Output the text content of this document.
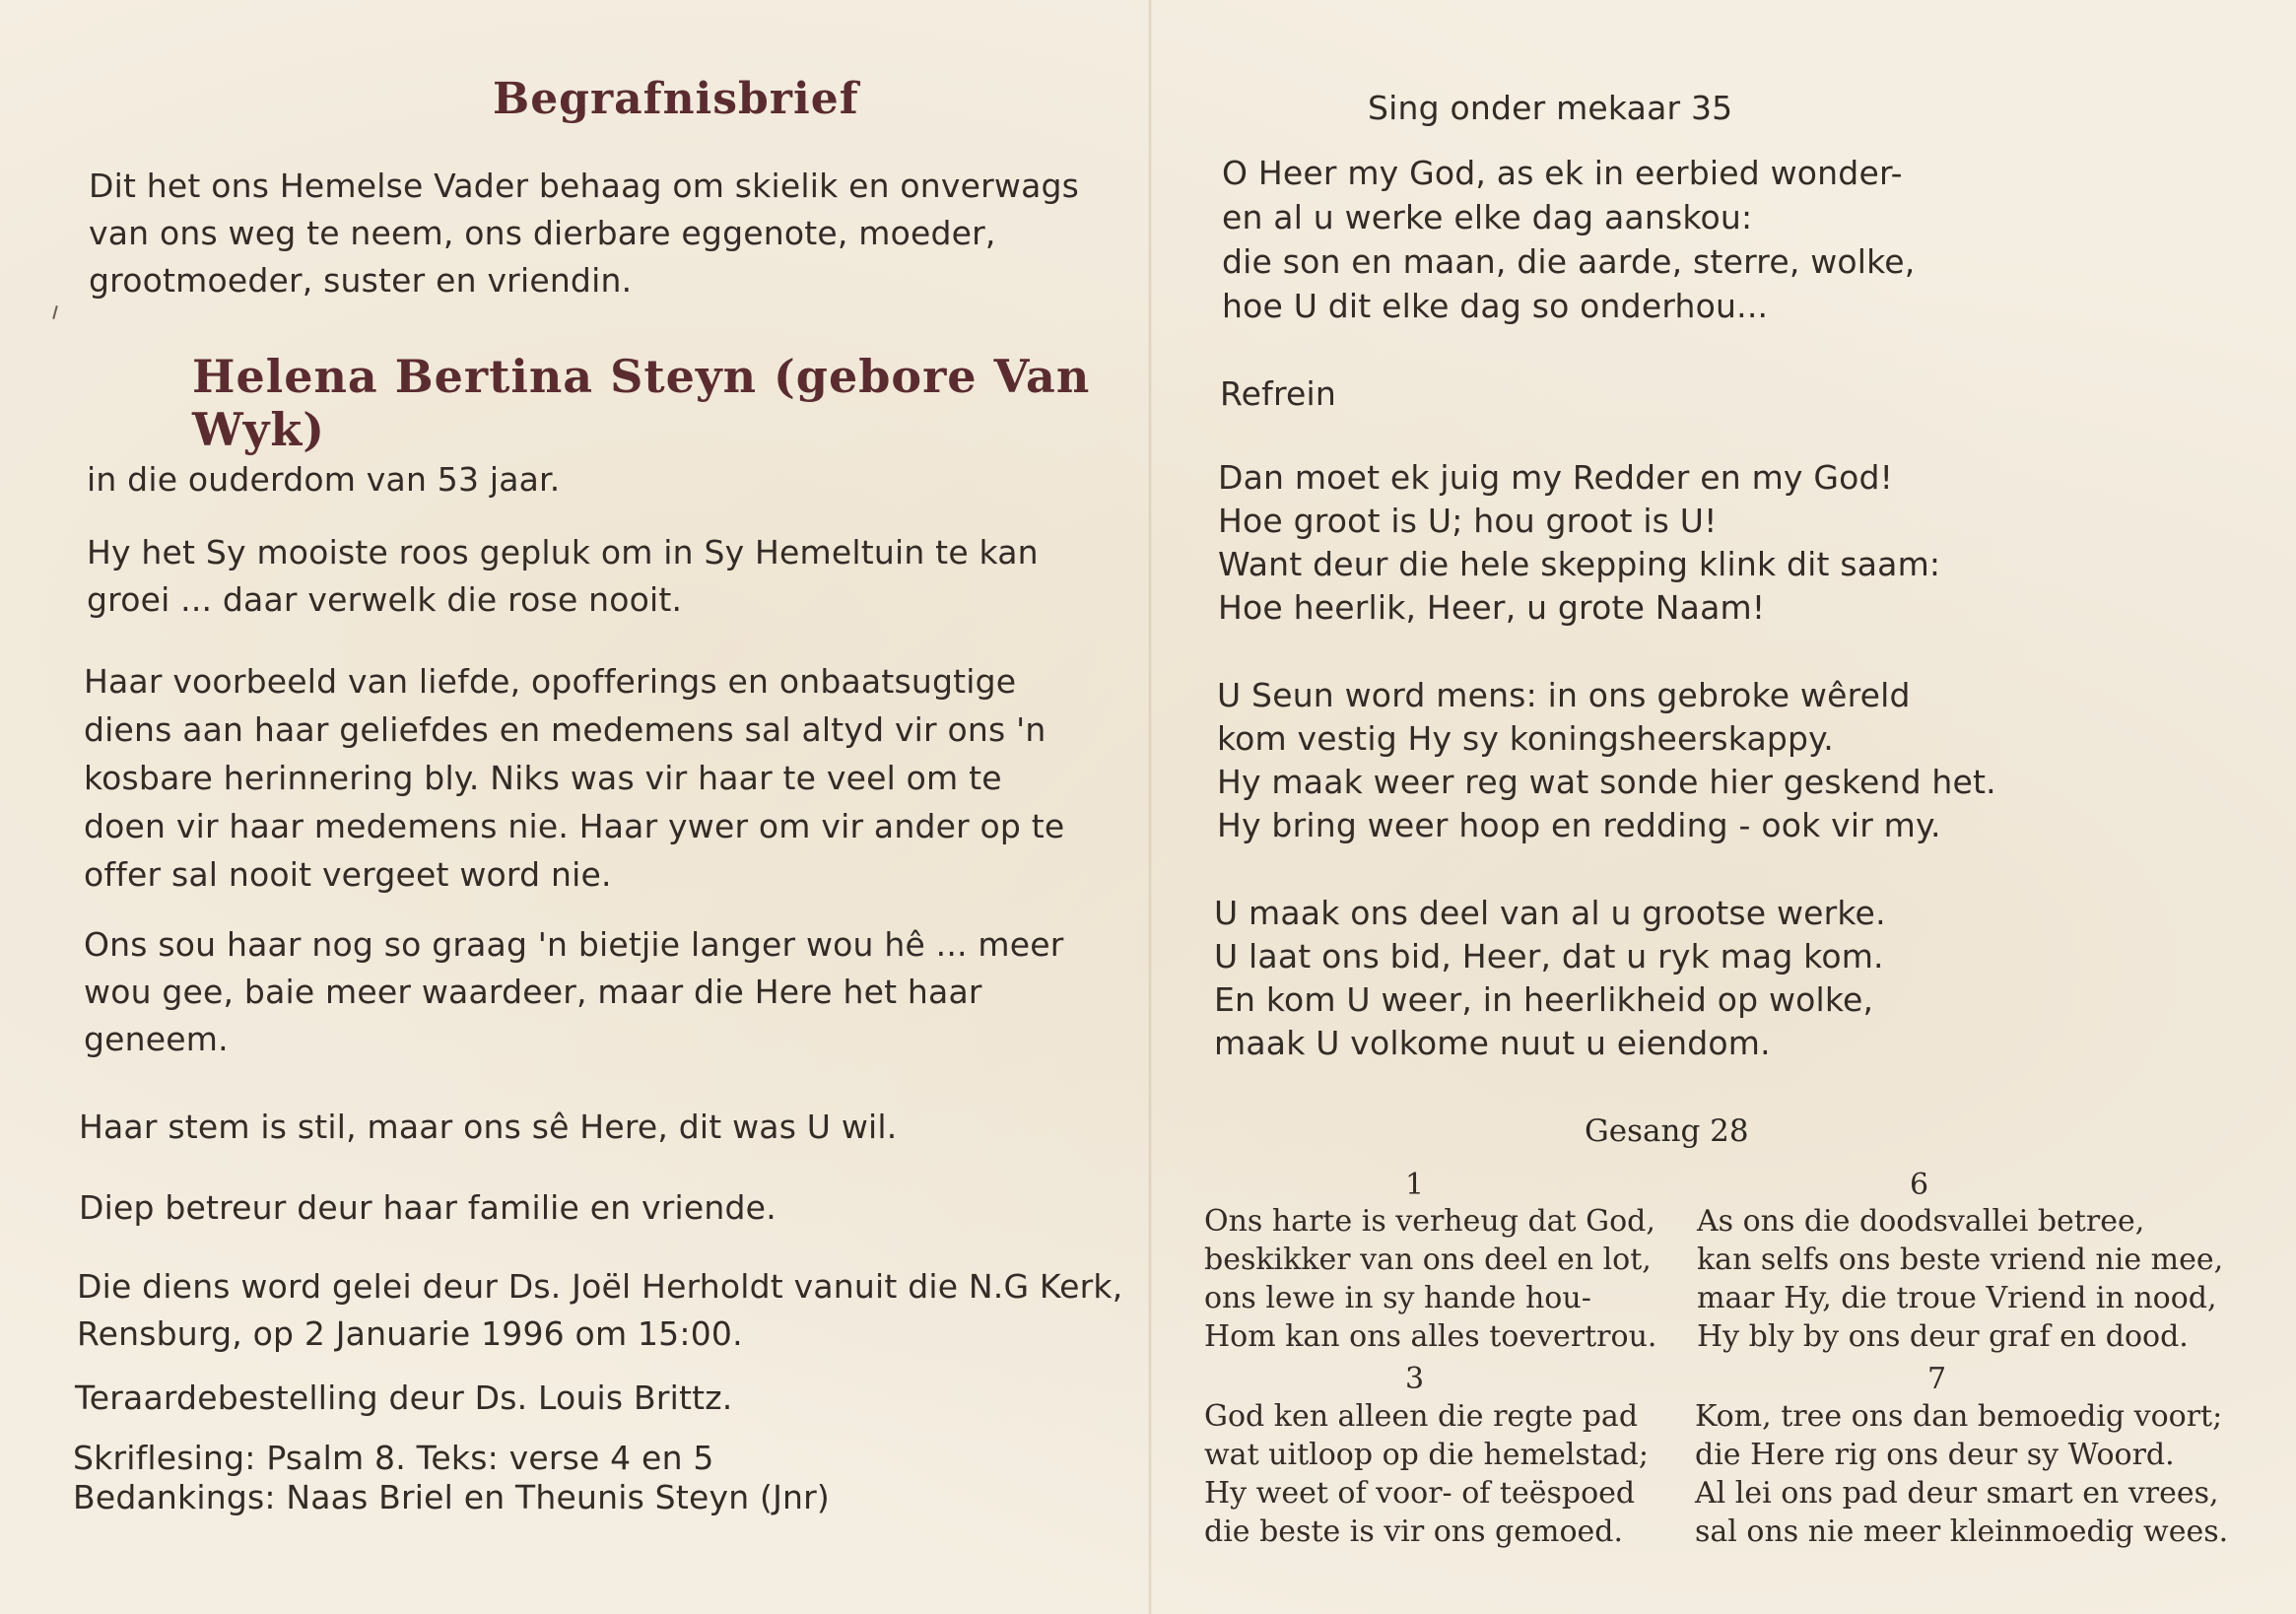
Begrafnisbrief
Dit het ons Hemelse Vader behaag om skielik en onverwags
van ons weg te neem, ons dierbare eggenote, moeder,
grootmoeder, suster en vriendin.
Helena Bertina Steyn (gebore Van Wyk)
in die ouderdom van 53 jaar.
Hy het Sy mooiste roos gepluk om in Sy Hemeltuin te kan
groei ... daar verwelk die rose nooit.
Haar voorbeeld van liefde, opofferings en onbaatsugtige
diens aan haar geliefdes en medemens sal altyd vir ons 'n
kosbare herinnering bly. Niks was vir haar te veel om te
doen vir haar medemens nie. Haar ywer om vir ander op te
offer sal nooit vergeet word nie.
Ons sou haar nog so graag 'n bietjie langer wou hê ... meer
wou gee, baie meer waardeer, maar die Here het haar
geneem.
Haar stem is stil, maar ons sê Here, dit was U wil.
Diep betreur deur haar familie en vriende.
Die diens word gelei deur Ds. Joël Herholdt vanuit die N.G Kerk,
Rensburg, op 2 Januarie 1996 om 15:00.
Teraardebestelling deur Ds. Louis Brittz.
Skriflesing: Psalm 8. Teks: verse 4 en 5
Bedankings: Naas Briel en Theunis Steyn (Jnr)
Sing onder mekaar 35
O Heer my God, as ek in eerbied wonder-
en al u werke elke dag aanskou:
die son en maan, die aarde, sterre, wolke,
hoe U dit elke dag so onderhou...
Refrein
Dan moet ek juig my Redder en my God!
Hoe groot is U; hou groot is U!
Want deur die hele skepping klink dit saam:
Hoe heerlik, Heer, u grote Naam!
U Seun word mens: in ons gebroke wêreld
kom vestig Hy sy koningsheerskappy.
Hy maak weer reg wat sonde hier geskend het.
Hy bring weer hoop en redding - ook vir my.
U maak ons deel van al u grootse werke.
U laat ons bid, Heer, dat u ryk mag kom.
En kom U weer, in heerlikheid op wolke,
maak U volkome nuut u eiendom.
Gesang 28
1	6
3	7
Ons harte is verheug dat God,
beskikker van ons deel en lot,
ons lewe in sy hande hou-
Hom kan ons alles toevertrou.
As ons die doodsvallei betree,
kan selfs ons beste vriend nie mee,
maar Hy, die troue Vriend in nood,
Hy bly by ons deur graf en dood.
God ken alleen die regte pad
wat uitloop op die hemelstad;
Hy weet of voor- of teëspoed
die beste is vir ons gemoed.
Kom, tree ons dan bemoedig voort;
die Here rig ons deur sy Woord.
Al lei ons pad deur smart en vrees,
sal ons nie meer kleinmoedig wees.
